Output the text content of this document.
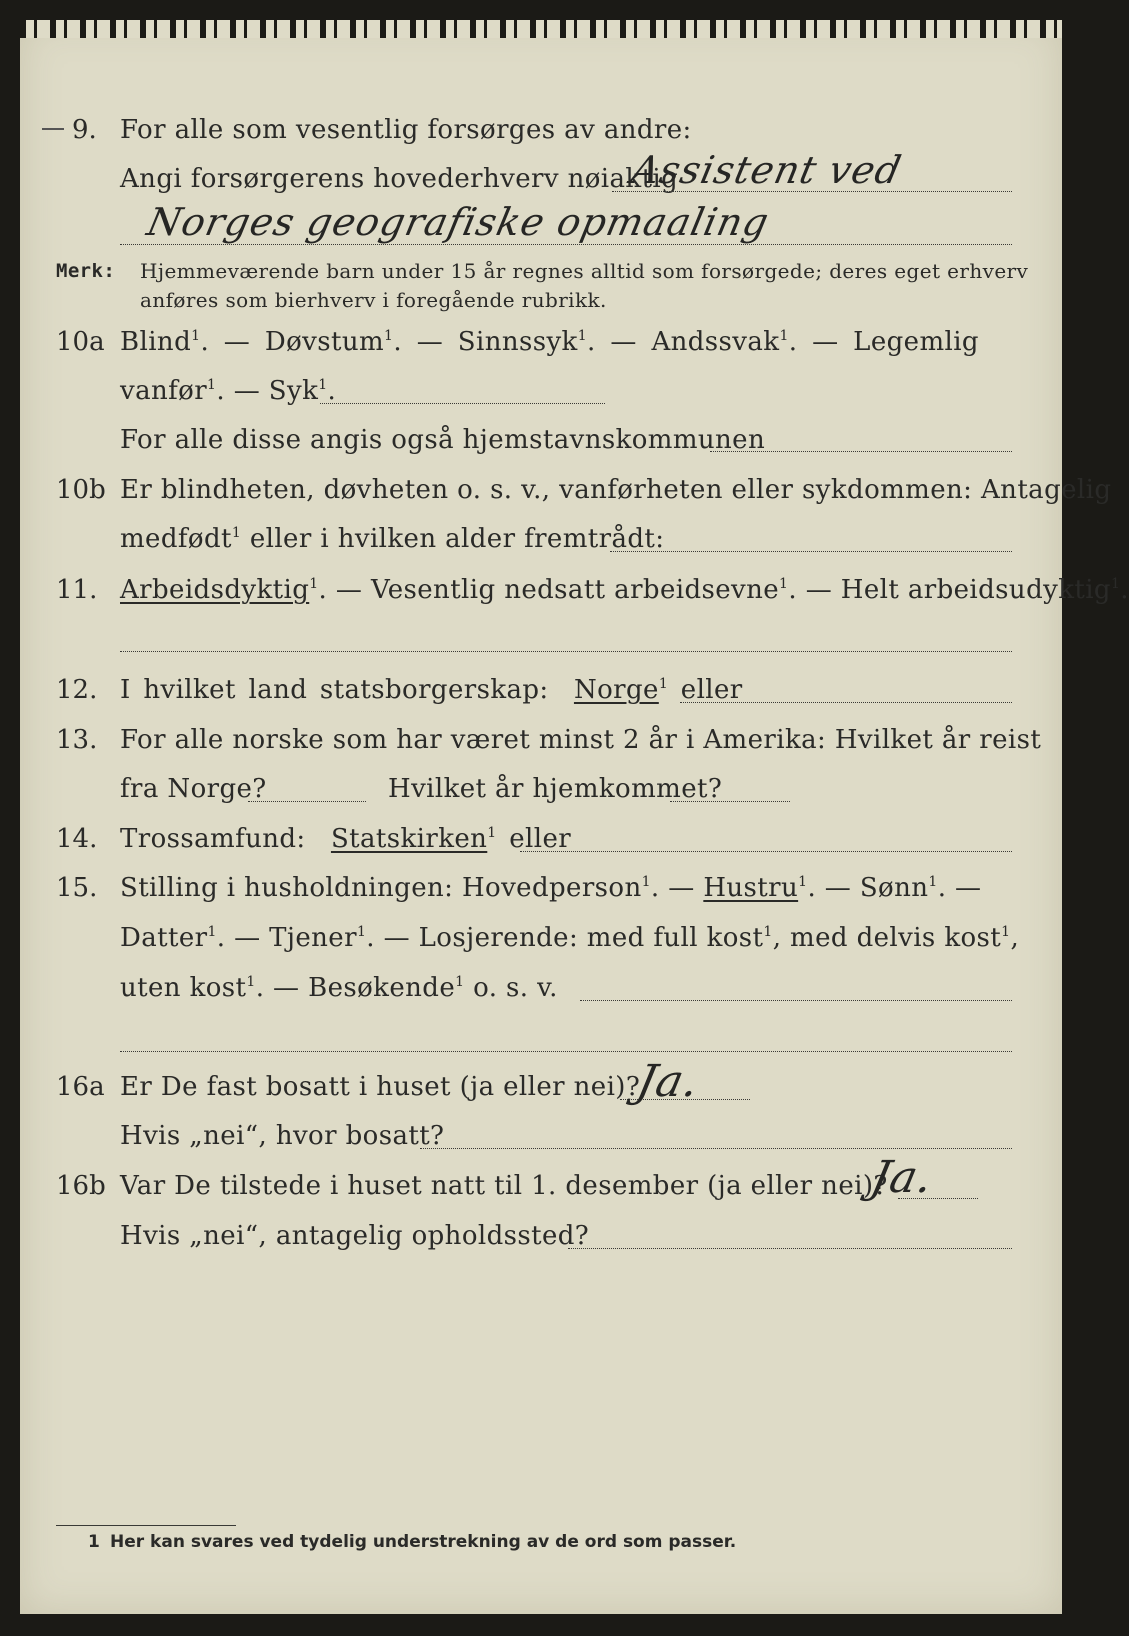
9. For alle som vesentlig forsørges av andre:
Angi forsørgerens hovederhverv nøiaktig
Assistent ved
Norges geografiske opmaaling
Merk: Hjemmeværende barn under 15 år regnes alltid som forsørgede; deres eget erhverv
anføres som bierhverv i foregående rubrikk.
10a Blind$^1$. — Døvstum$^1$. — Sinnssyk$^1$. — Andssvak$^1$. — Legemlig
vanfør$^1$. — Syk$^1$.
For alle disse angis også hjemstavnskommunen
10b Er blindheten, døvheten o. s. v., vanførheten eller sykdommen: Antagelig
medfødt$^1$ eller i hvilken alder fremtrådt:
11. Arbeidsdyktig$^1$. — Vesentlig nedsatt arbeidsevne$^1$. — Helt arbeidsudyktig$^1$.
12. I hvilket land statsborgerskap: Norge$^1$ eller
13. For alle norske som har været minst 2 år i Amerika: Hvilket år reist
fra Norge?	Hvilket år hjemkommet?
14. Trossamfund: Statskirken$^1$ eller
15. Stilling i husholdningen: Hovedperson$^1$. — Hustru$^1$. — Sønn$^1$. —
Datter$^1$. — Tjener$^1$. — Losjerende: med full kost$^1$, med delvis kost$^1$,
uten kost$^1$. — Besøkende$^1$ o. s. v.
16a Er De fast bosatt i huset (ja eller nei)?
Ja.
Hvis „nei“, hvor bosatt?
16b Var De tilstede i huset natt til 1. desember (ja eller nei)?
Ja.
Hvis „nei“, antagelig opholdssted?
1 Her kan svares ved tydelig understrekning av de ord som passer.
